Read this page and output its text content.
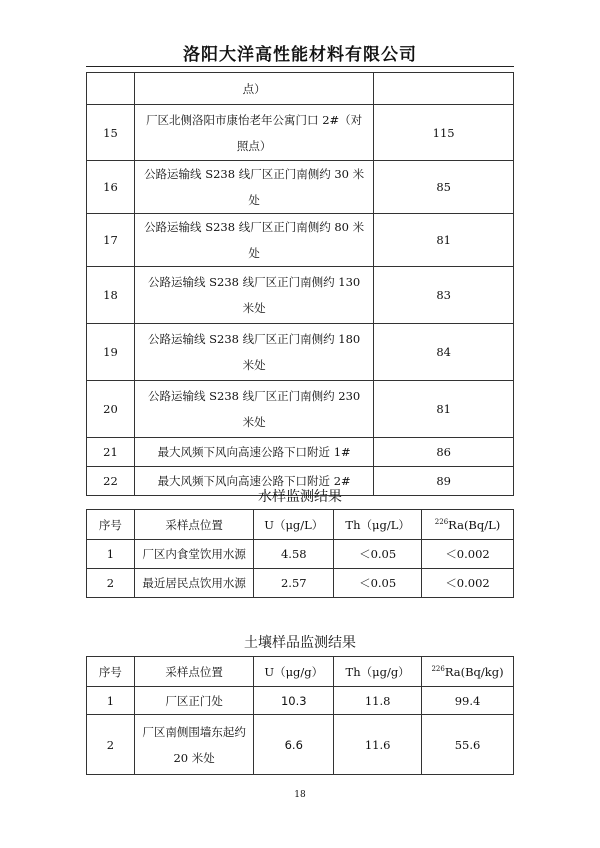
洛阳大洋高性能材料有限公司
	点）	
15	厂区北侧洛阳市康怡老年公寓门口 2#（对照点）	115
16	公路运输线 S238 线厂区正门南侧约 30 米处	85
17	公路运输线 S238 线厂区正门南侧约 80 米处	81
18	公路运输线 S238 线厂区正门南侧约 130 米处	83
19	公路运输线 S238 线厂区正门南侧约 180 米处	84
20	公路运输线 S238 线厂区正门南侧约 230 米处	81
21	最大风频下风向高速公路下口附近 1#	86
22	最大风频下风向高速公路下口附近 2#	89
水样监测结果
序号	采样点位置	U（μg/L）	Th（μg/L）	$^{226}$Ra(Bq/L)
1	厂区内食堂饮用水源	4.58	＜0.05	＜0.002
2	最近居民点饮用水源	2.57	＜0.05	＜0.002
土壤样品监测结果
序号	采样点位置	U（μg/g）	Th（μg/g）	$^{226}$Ra(Bq/kg)
1	厂区正门处	10.3	11.8	99.4
2	厂区南侧围墙东起约 20 米处	6.6	11.6	55.6
18
